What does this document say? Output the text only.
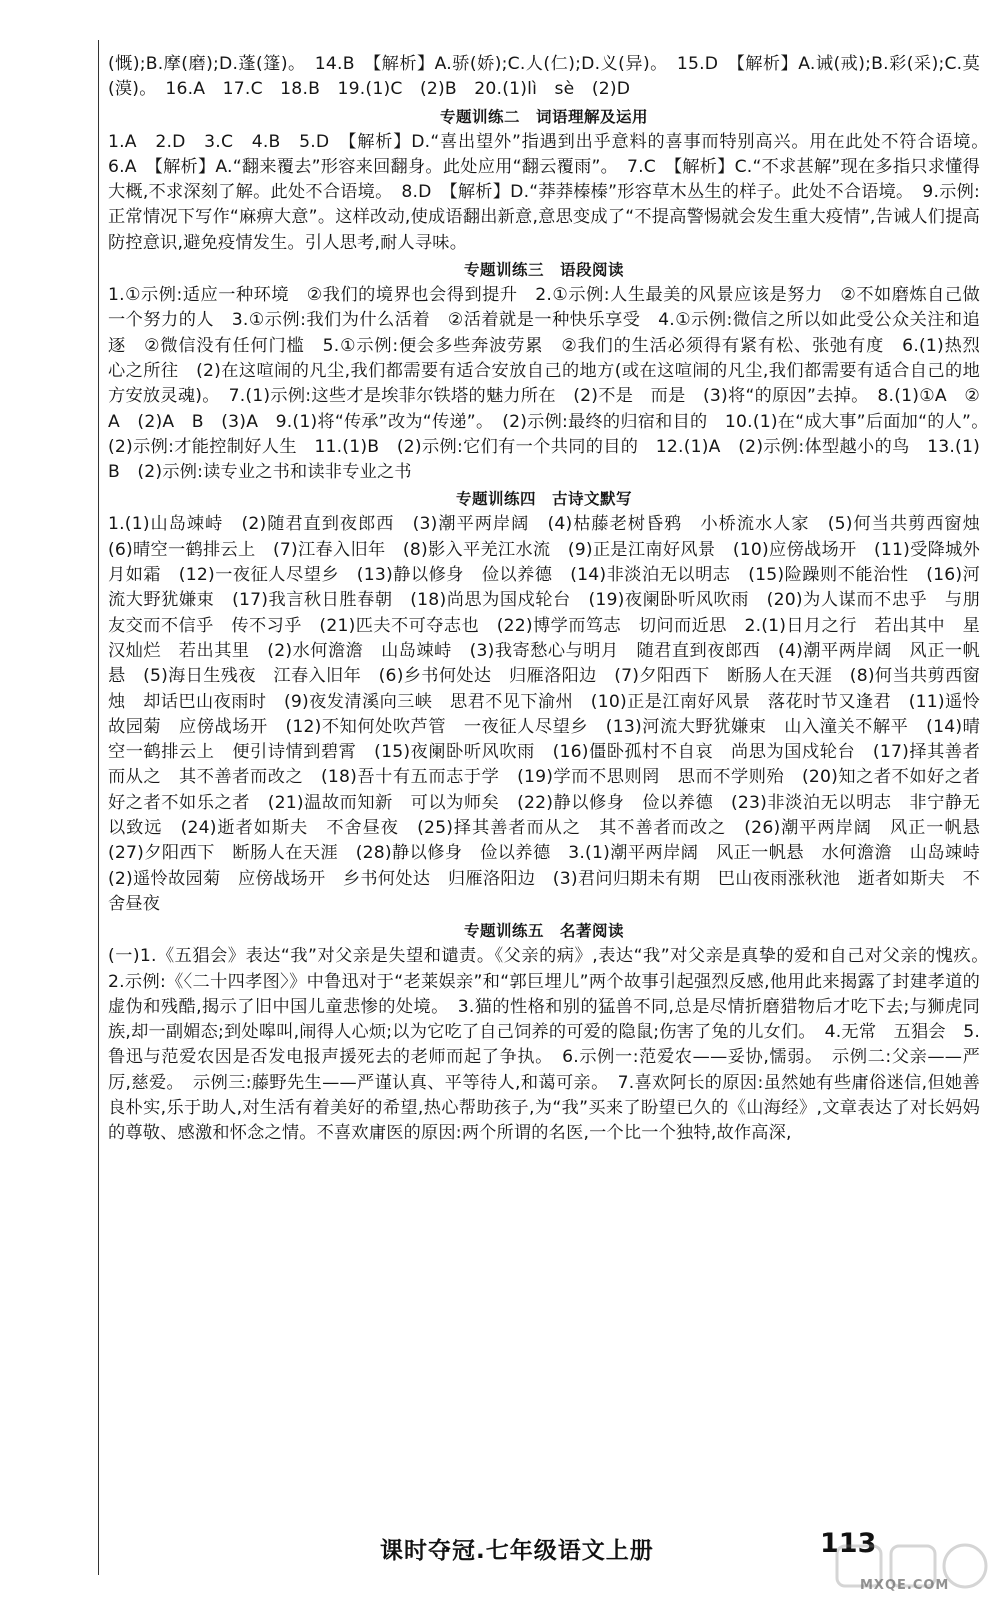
(慨);B.摩(磨);D.蓬(篷)。　14.B　【解析】A.骄(娇);C.人(仁);D.义(异)。　15.D　【解析】A.诫(戒);B.彩(采);C.莫(漠)。　16.A　17.C　18.B　19.(1)C　(2)B　20.(1)lì　sè　(2)D

专题训练二　词语理解及运用

1.A　2.D　3.C　4.B　5.D　【解析】D.“喜出望外”指遇到出乎意料的喜事而特别高兴。用在此处不符合语境。　6.A　【解析】A.“翻来覆去”形容来回翻身。此处应用“翻云覆雨”。　7.C　【解析】C.“不求甚解”现在多指只求懂得大概,不求深刻了解。此处不合语境。　8.D　【解析】D.“莽莽榛榛”形容草木丛生的样子。此处不合语境。　9.示例:正常情况下写作“麻痹大意”。这样改动,使成语翻出新意,意思变成了“不提高警惕就会发生重大疫情”,告诫人们提高防控意识,避免疫情发生。引人思考,耐人寻味。

专题训练三　语段阅读

1.①示例:适应一种环境　②我们的境界也会得到提升　2.①示例:人生最美的风景应该是努力　②不如磨炼自己做一个努力的人　3.①示例:我们为什么活着　②活着就是一种快乐享受　4.①示例:微信之所以如此受公众关注和追逐　②微信没有任何门槛　5.①示例:便会多些奔波劳累　②我们的生活必须得有紧有松、张弛有度　6.(1)热烈　心之所往　(2)在这喧闹的凡尘,我们都需要有适合安放自己的地方(或在这喧闹的凡尘,我们都需要有适合自己的地方安放灵魂)。　7.(1)示例:这些才是埃菲尔铁塔的魅力所在　(2)不是　而是　(3)将“的原因”去掉。　8.(1)①A　②A　(2)A　B　(3)A　9.(1)将“传承”改为“传递”。　(2)示例:最终的归宿和目的　10.(1)在“成大事”后面加“的人”。　(2)示例:才能控制好人生　11.(1)B　(2)示例:它们有一个共同的目的　12.(1)A　(2)示例:体型越小的鸟　13.(1)B　(2)示例:读专业之书和读非专业之书

专题训练四　古诗文默写

1.(1)山岛竦峙　(2)随君直到夜郎西　(3)潮平两岸阔　(4)枯藤老树昏鸦　小桥流水人家　(5)何当共剪西窗烛　(6)晴空一鹤排云上　(7)江春入旧年　(8)影入平羌江水流　(9)正是江南好风景　(10)应傍战场开　(11)受降城外月如霜　(12)一夜征人尽望乡　(13)静以修身　俭以养德　(14)非淡泊无以明志　(15)险躁则不能治性　(16)河流大野犹嫌束　(17)我言秋日胜春朝　(18)尚思为国戍轮台　(19)夜阑卧听风吹雨　(20)为人谋而不忠乎　与朋友交而不信乎　传不习乎　(21)匹夫不可夺志也　(22)博学而笃志　切问而近思　2.(1)日月之行　若出其中　星汉灿烂　若出其里　(2)水何澹澹　山岛竦峙　(3)我寄愁心与明月　随君直到夜郎西　(4)潮平两岸阔　风正一帆悬　(5)海日生残夜　江春入旧年　(6)乡书何处达　归雁洛阳边　(7)夕阳西下　断肠人在天涯　(8)何当共剪西窗烛　却话巴山夜雨时　(9)夜发清溪向三峡　思君不见下渝州　(10)正是江南好风景　落花时节又逢君　(11)遥怜故园菊　应傍战场开　(12)不知何处吹芦管　一夜征人尽望乡　(13)河流大野犹嫌束　山入潼关不解平　(14)晴空一鹤排云上　便引诗情到碧霄　(15)夜阑卧听风吹雨　(16)僵卧孤村不自哀　尚思为国戍轮台　(17)择其善者而从之　其不善者而改之　(18)吾十有五而志于学　(19)学而不思则罔　思而不学则殆　(20)知之者不如好之者　好之者不如乐之者　(21)温故而知新　可以为师矣　(22)静以修身　俭以养德　(23)非淡泊无以明志　非宁静无以致远　(24)逝者如斯夫　不舍昼夜　(25)择其善者而从之　其不善者而改之　(26)潮平两岸阔　风正一帆悬　(27)夕阳西下　断肠人在天涯　(28)静以修身　俭以养德　3.(1)潮平两岸阔　风正一帆悬　水何澹澹　山岛竦峙　(2)遥怜故园菊　应傍战场开　乡书何处达　归雁洛阳边　(3)君问归期未有期　巴山夜雨涨秋池　逝者如斯夫　不舍昼夜

专题训练五　名著阅读

(一)1.《五猖会》表达“我”对父亲是失望和谴责。《父亲的病》,表达“我”对父亲是真挚的爱和自己对父亲的愧疚。　2.示例:《〈二十四孝图〉》中鲁迅对于“老莱娱亲”和“郭巨埋儿”两个故事引起强烈反感,他用此来揭露了封建孝道的虚伪和残酷,揭示了旧中国儿童悲惨的处境。　3.猫的性格和别的猛兽不同,总是尽情折磨猎物后才吃下去;与狮虎同族,却一副媚态;到处嗥叫,闹得人心烦;以为它吃了自己饲养的可爱的隐鼠;伤害了兔的儿女们。　4.无常　五猖会　5.鲁迅与范爱农因是否发电报声援死去的老师而起了争执。　6.示例一:范爱农——妥协,懦弱。　示例二:父亲——严厉,慈爱。　示例三:藤野先生——严谨认真、平等待人,和蔼可亲。　7.喜欢阿长的原因:虽然她有些庸俗迷信,但她善良朴实,乐于助人,对生活有着美好的希望,热心帮助孩子,为“我”买来了盼望已久的《山海经》,文章表达了对长妈妈的尊敬、感激和怀念之情。不喜欢庸医的原因:两个所谓的名医,一个比一个独特,故作高深,

课时夺冠.七年级语文上册	113
MXQE.COM
